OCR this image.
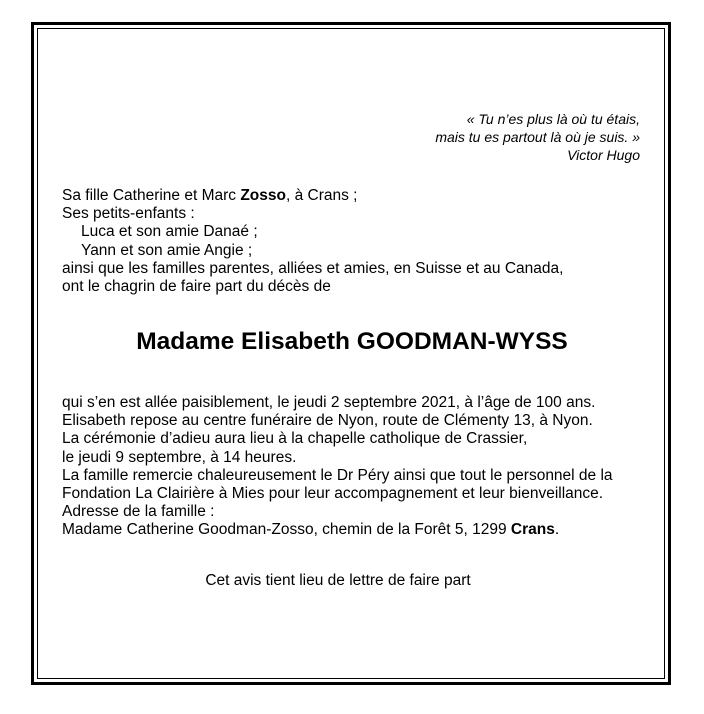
« Tu n’es plus là où tu étais,
mais tu es partout là où je suis. »
Victor Hugo
Sa fille Catherine et Marc Zosso, à Crans ;
Ses petits-enfants :
Luca et son amie Danaé ;
Yann et son amie Angie ;
ainsi que les familles parentes, alliées et amies, en Suisse et au Canada,
ont le chagrin de faire part du décès de
Madame Elisabeth GOODMAN-WYSS
qui s’en est allée paisiblement, le jeudi 2 septembre 2021, à l’âge de 100 ans.
Elisabeth repose au centre funéraire de Nyon, route de Clémenty 13, à Nyon.
La cérémonie d’adieu aura lieu à la chapelle catholique de Crassier,
le jeudi 9 septembre, à 14 heures.
La famille remercie chaleureusement le Dr Péry ainsi que tout le personnel de la
Fondation La Clairière à Mies pour leur accompagnement et leur bienveillance.
Adresse de la famille :
Madame Catherine Goodman-Zosso, chemin de la Forêt 5, 1299 Crans.
Cet avis tient lieu de lettre de faire part
